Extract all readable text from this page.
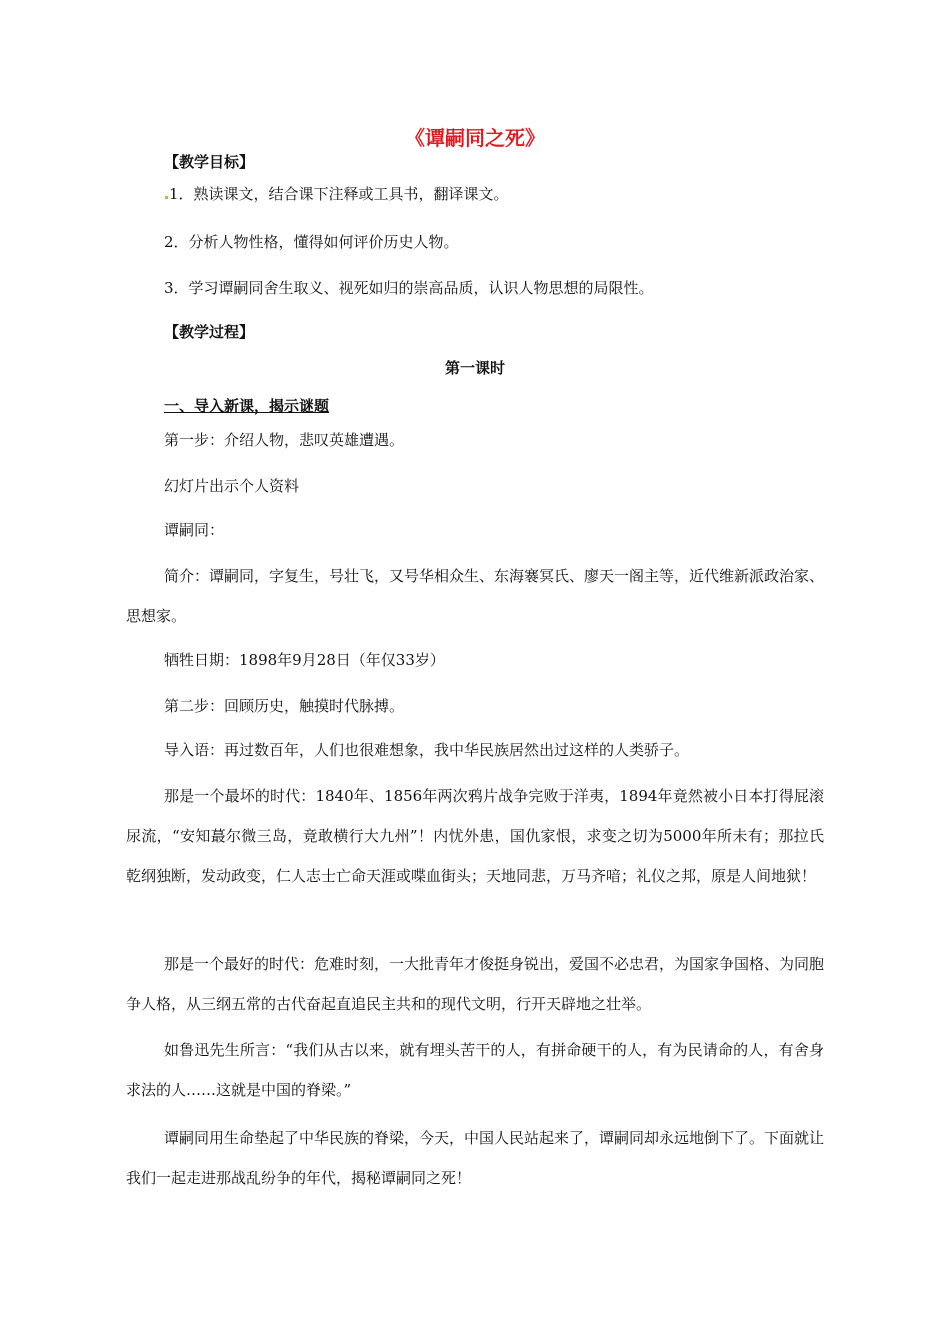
《谭嗣同之死》
【教学目标】
1．熟读课文，结合课下注释或工具书，翻译课文。
2．分析人物性格，懂得如何评价历史人物。
3．学习谭嗣同舍生取义、视死如归的崇高品质，认识人物思想的局限性。
【教学过程】
第一课时
一、导入新课，揭示谜题
第一步：介绍人物，悲叹英雄遭遇。
幻灯片出示个人资料
谭嗣同：
简介：谭嗣同，字复生，号壮飞，又号华相众生、东海褰冥氏、廖天一阁主等，近代维新派政治家、思想家。
牺牲日期：1898年9月28日（年仅33岁）
第二步：回顾历史，触摸时代脉搏。
导入语：再过数百年，人们也很难想象，我中华民族居然出过这样的人类骄子。
那是一个最坏的时代：1840年、1856年两次鸦片战争完败于洋夷，1894年竟然被小日本打得屁滚尿流，“安知蕞尔微三岛，竟敢横行大九州”！内忧外患，国仇家恨，求变之切为5000年所未有；那拉氏乾纲独断，发动政变，仁人志士亡命天涯或喋血街头；天地同悲，万马齐喑；礼仪之邦，原是人间地狱！
那是一个最好的时代：危难时刻，一大批青年才俊挺身锐出，爱国不必忠君，为国家争国格、为同胞争人格，从三纲五常的古代奋起直追民主共和的现代文明，行开天辟地之壮举。
如鲁迅先生所言：“我们从古以来，就有埋头苦干的人，有拼命硬干的人，有为民请命的人，有舍身求法的人……这就是中国的脊梁。”
谭嗣同用生命垫起了中华民族的脊梁，今天，中国人民站起来了，谭嗣同却永远地倒下了。下面就让我们一起走进那战乱纷争的年代，揭秘谭嗣同之死！
